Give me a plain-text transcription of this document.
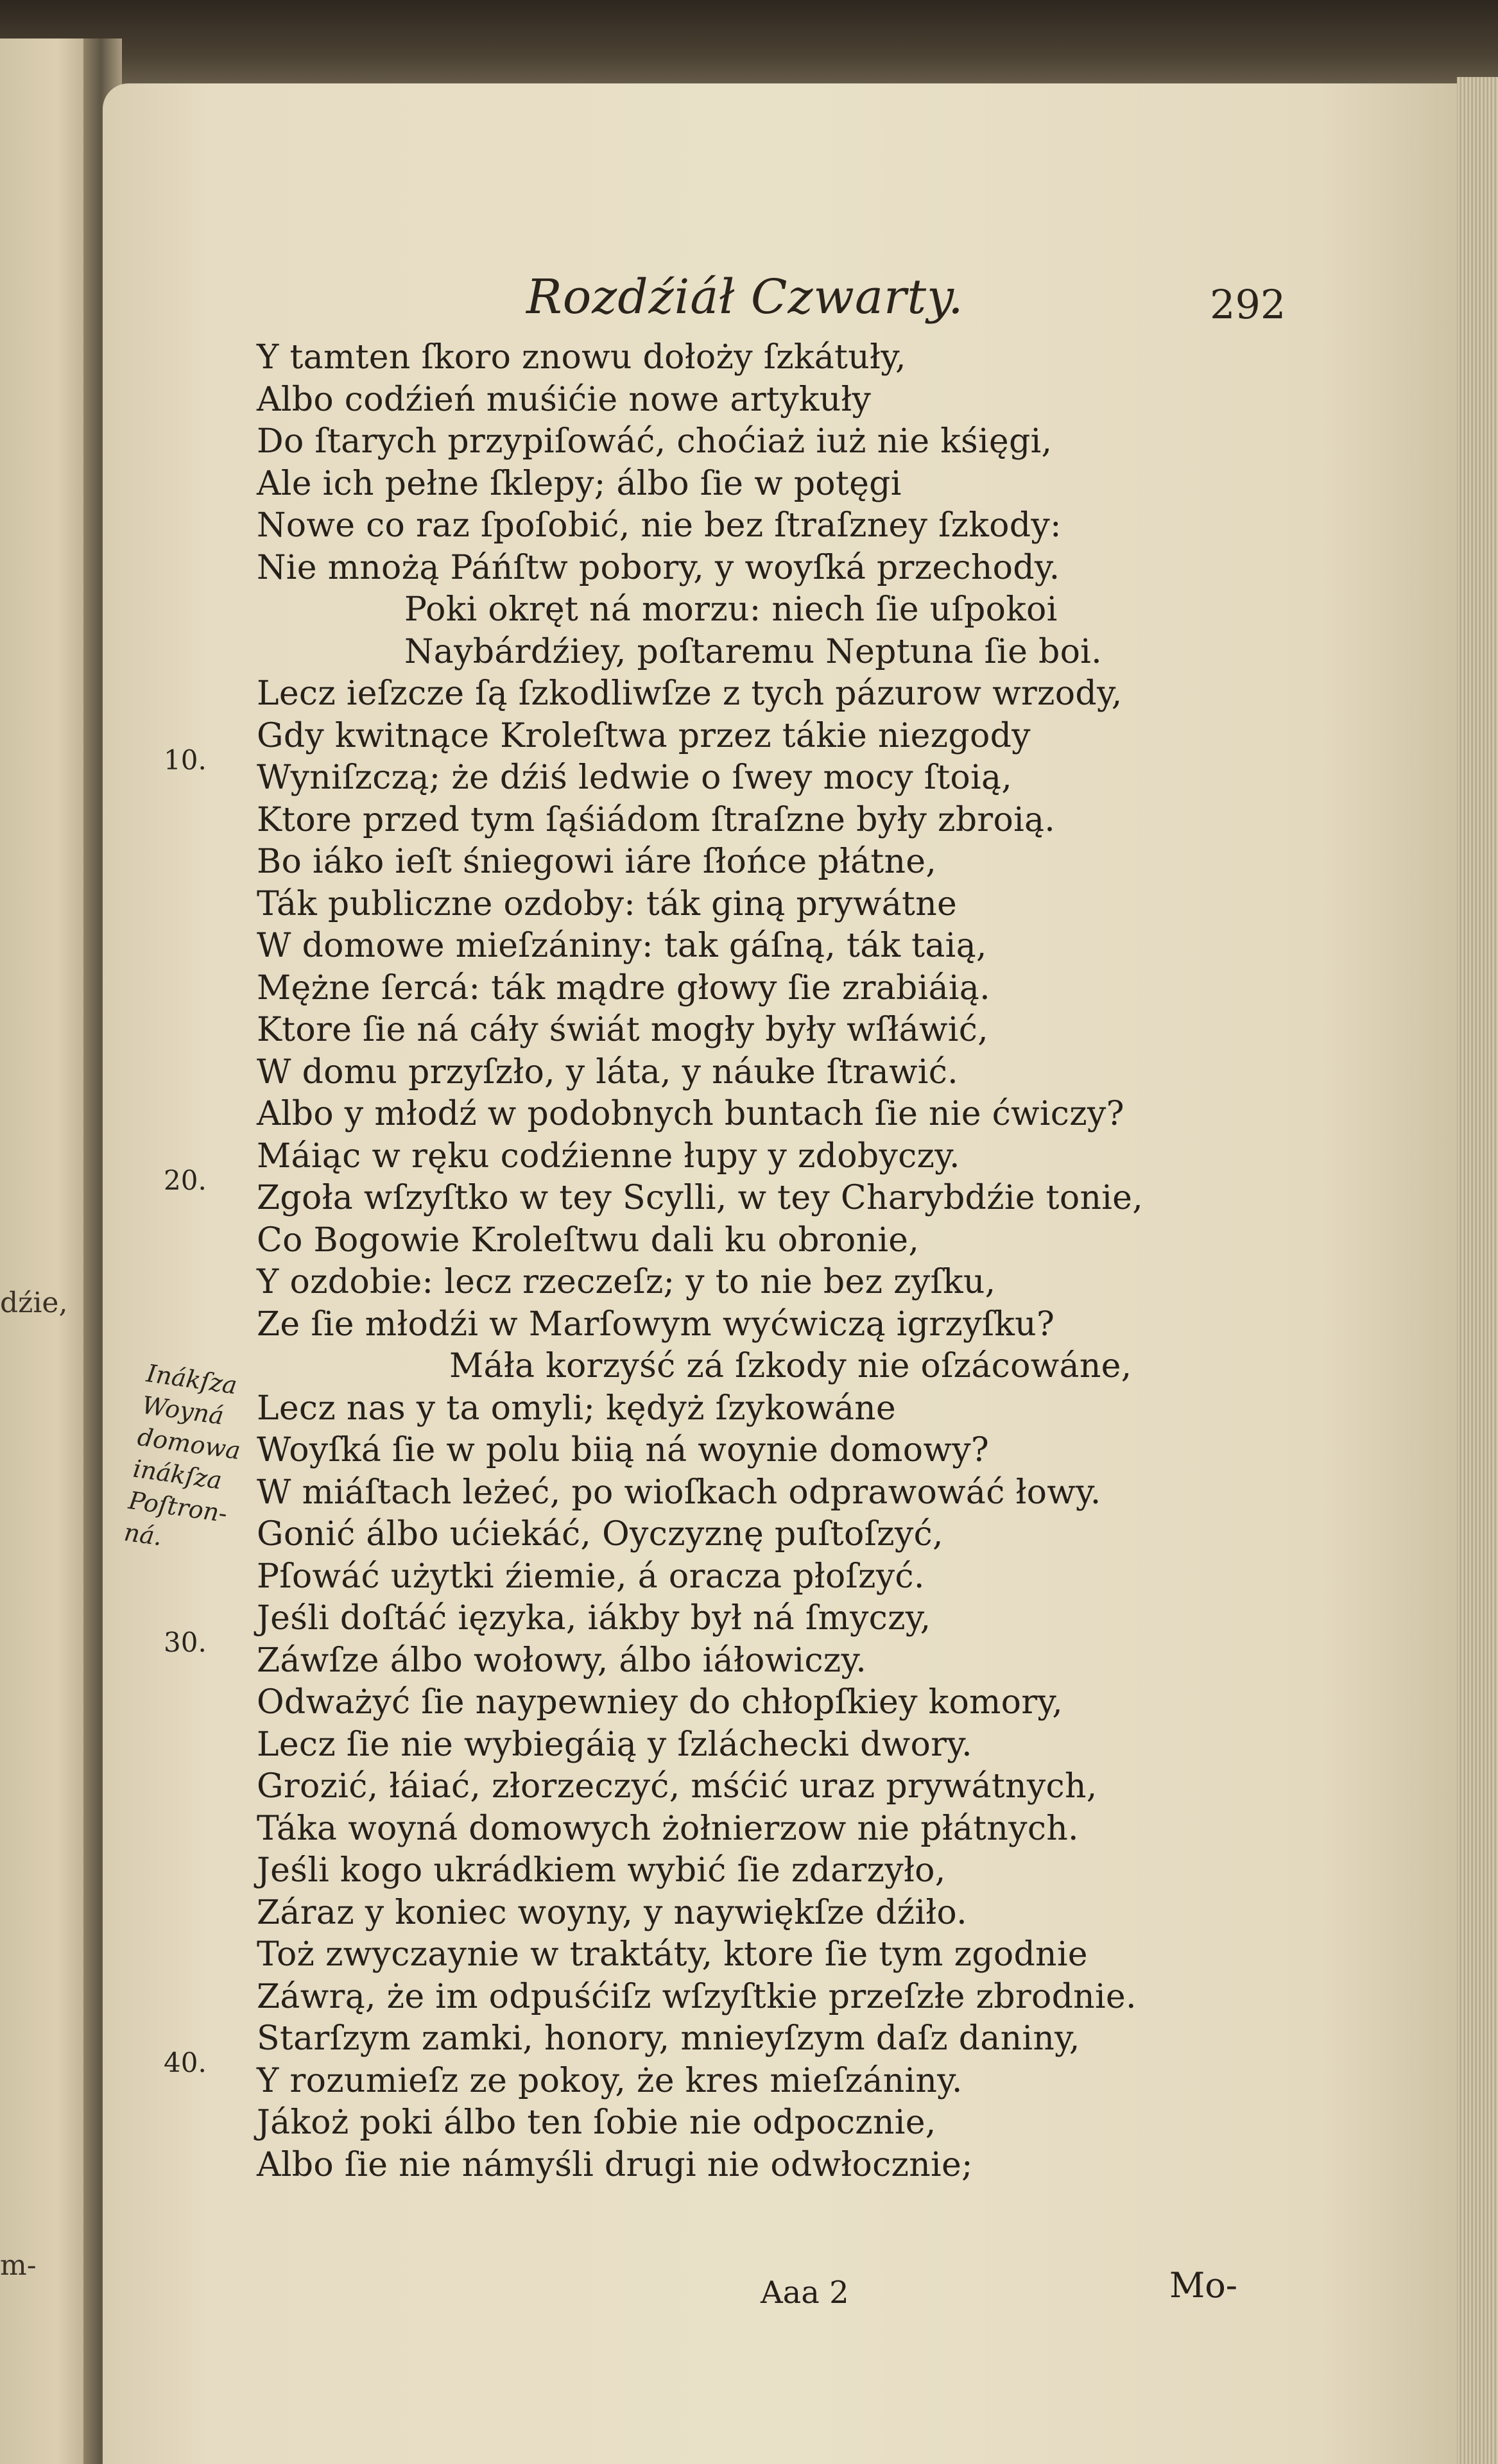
dźie,
m-
Rozdźiáł Czwarty.	292
Y tamten ſkoro znowu dołoży ſzkátuły,
Albo codźień muśićie nowe artykuły
Do ſtarych przypiſowáć, choćiaż iuż nie kśięgi,
Ale ich pełne ſklepy; álbo ſie w potęgi
Nowe co raz ſpoſobić, nie bez ſtraſzney ſzkody:
Nie mnożą Páńſtw pobory, y woyſká przechody.
Poki okręt ná morzu: niech ſie uſpokoi
Naybárdźiey, poſtaremu Neptuna ſie boi.
Lecz ieſzcze ſą ſzkodliwſze z tych pázurow wrzody,
Gdy kwitnące Kroleſtwa przez tákie niezgody
Wyniſzczą; że dźiś ledwie o ſwey mocy ſtoią,
Ktore przed tym ſąśiádom ſtraſzne były zbroią.
Bo iáko ieſt śniegowi iáre ſłońce płátne,
Ták publiczne ozdoby: ták giną prywátne
W domowe mieſzániny: tak gáſną, ták taią,
Mężne ſercá: ták mądre głowy ſie zrabiáią.
Ktore ſie ná cáły świát mogły były wſłáwić,
W domu przyſzło, y láta, y náuke ſtrawić.
Albo y młodź w podobnych buntach ſie nie ćwiczy?
Máiąc w ręku codźienne łupy y zdobyczy.
Zgoła wſzyſtko w tey Scylli, w tey Charybdźie tonie,
Co Bogowie Kroleſtwu dali ku obronie,
Y ozdobie: lecz rzeczeſz; y to nie bez zyſku,
Ze ſie młodźi w Marſowym wyćwiczą igrzyſku?
Máła korzyść zá ſzkody nie oſzácowáne,
Lecz nas y ta omyli; kędyż ſzykowáne
Woyſká ſie w polu biią ná woynie domowy?
W miáſtach leżeć, po wioſkach odprawowáć łowy.
Gonić álbo ućiekáć, Oyczyznę puſtoſzyć,
Pſowáć użytki źiemie, á oracza płoſzyć.
Jeśli doſtáć ięzyka, iákby był ná ſmyczy,
Záwſze álbo wołowy, álbo iáłowiczy.
Odważyć ſie naypewniey do chłopſkiey komory,
Lecz ſie nie wybiegáią y ſzláchecki dwory.
Grozić, łáiać, złorzeczyć, mśćić uraz prywátnych,
Táka woyná domowych żołnierzow nie płátnych.
Jeśli kogo ukrádkiem wybić ſie zdarzyło,
Záraz y koniec woyny, y naywiękſze dźiło.
Toż zwyczaynie w traktáty, ktore ſie tym zgodnie
Záwrą, że im odpuśćiſz wſzyſtkie przeſzłe zbrodnie.
Starſzym zamki, honory, mnieyſzym daſz daniny,
Y rozumieſz ze pokoy, że kres mieſzániny.
Jákoż poki álbo ten ſobie nie odpocznie,
Albo ſie nie námyśli drugi nie odwłocznie;
10.
20.
30.
40.
Inákſza Woyná domowa inákſza Poſtron-ná.
Aaa 2	Mo-
